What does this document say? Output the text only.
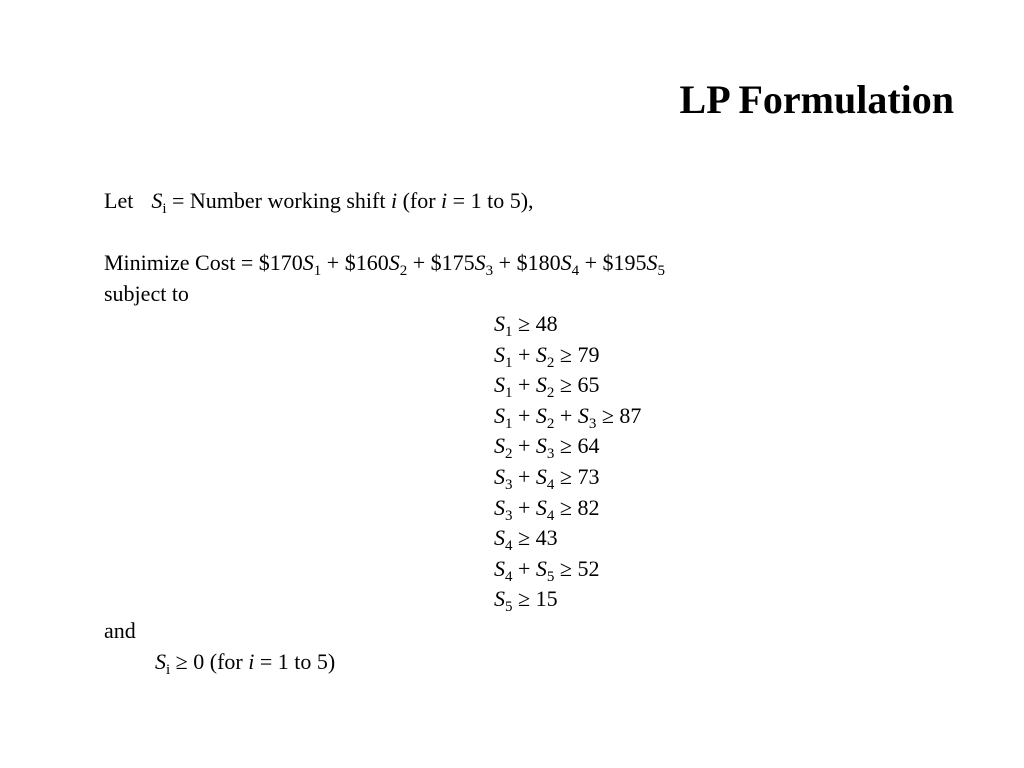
LP Formulation
Let $S_i$ = Number working shift i (for i = 1 to 5),
Minimize Cost = $\$170S_1$ + $\$160S_2$ + $\$175S_3$ + $\$180S_4$ + $\$195S_5$
subject to
$S_1 \ge 48$
$S_1 + S_2 \ge 79$
$S_1 + S_2 \ge 65$
$S_1 + S_2 + S_3 \ge 87$
$S_2 + S_3 \ge 64$
$S_3 + S_4 \ge 73$
$S_3 + S_4 \ge 82$
$S_4 \ge 43$
$S_4 + S_5 \ge 52$
$S_5 \ge 15$
and
$S_i \ge 0$ (for i = 1 to 5)
